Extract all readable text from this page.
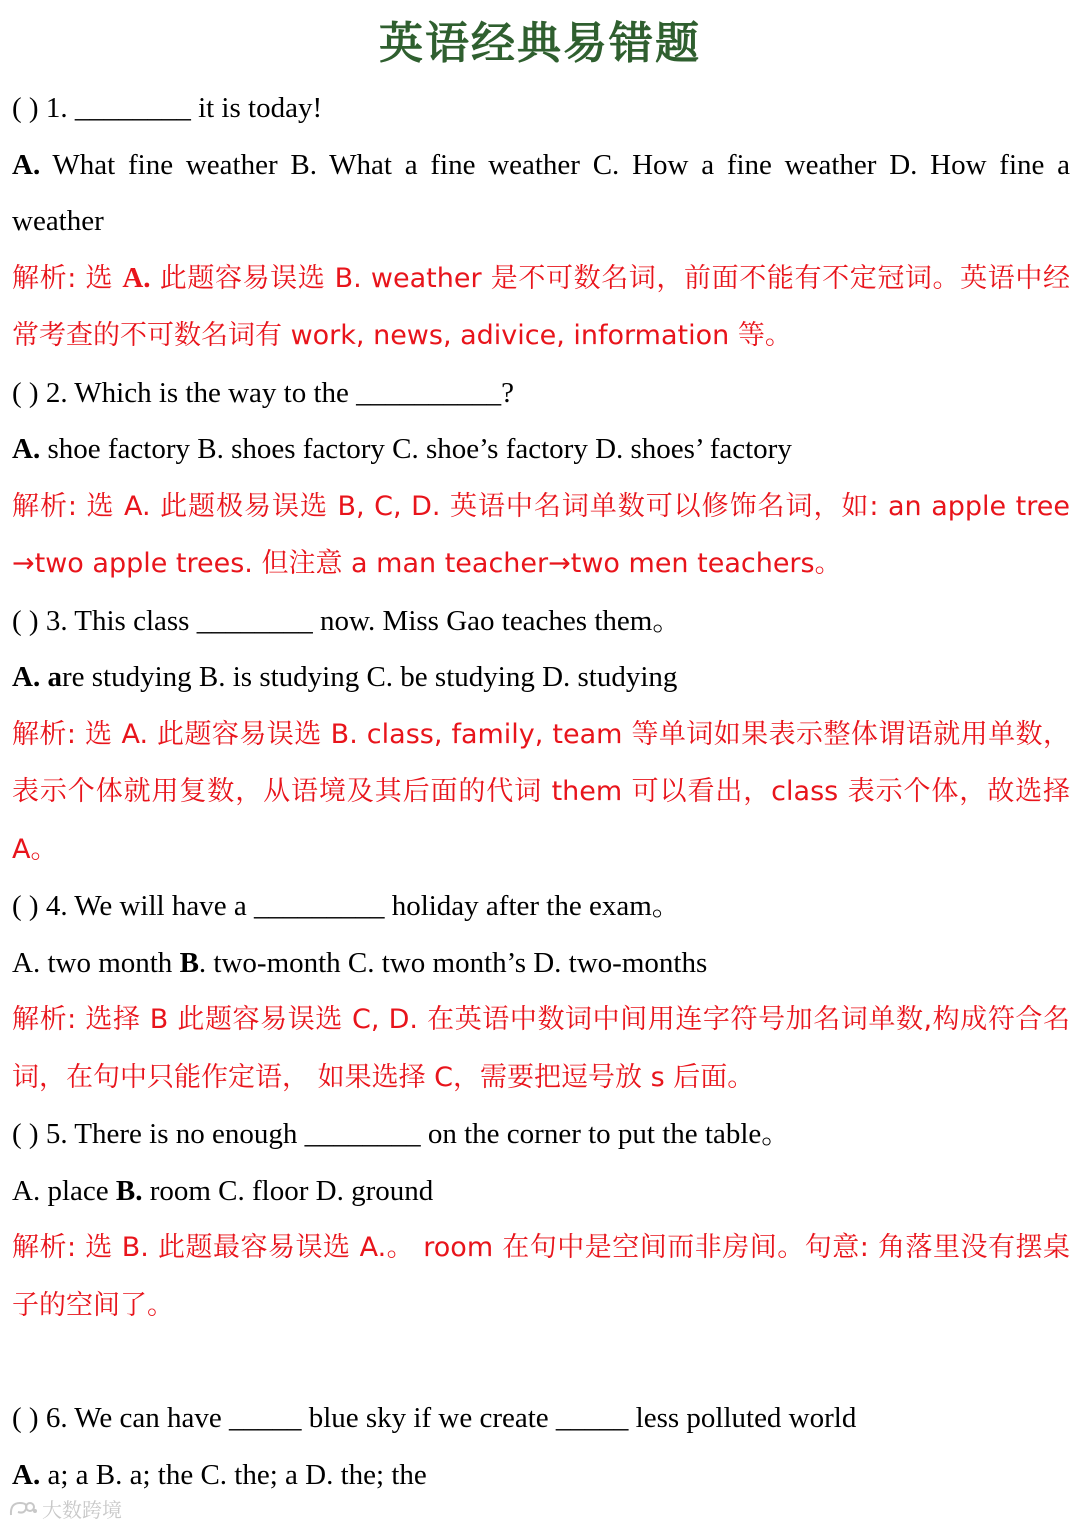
英语经典易错题
( ) 1. ________ it is today!
A. What fine weather B. What a fine weather C. How a fine weather D. How fine a weather
解析: 选 A. 此题容易误选 B. weather 是不可数名词，前面不能有不定冠词。英语中经常考查的不可数名词有 work, news, adivice, information 等。
( ) 2. Which is the way to the __________?
A. shoe factory B. shoes factory C. shoe’s factory D. shoes’ factory
解析: 选 A. 此题极易误选 B, C, D. 英语中名词单数可以修饰名词，如: an apple tree →two apple trees. 但注意 a man teacher→two men teachers。
( ) 3. This class ________ now. Miss Gao teaches them。
A. are studying B. is studying C. be studying D. studying
解析: 选 A. 此题容易误选 B. class, family, team 等单词如果表示整体谓语就用单数，表示个体就用复数，从语境及其后面的代词 them 可以看出，class 表示个体，故选择 A。
( ) 4. We will have a _________ holiday after the exam。
A. two month B. two-month C. two month’s D. two-months
解析: 选择 B 此题容易误选 C, D. 在英语中数词中间用连字符号加名词单数,构成符合名词，在句中只能作定语， 如果选择 C，需要把逗号放 s 后面。
( ) 5. There is no enough ________ on the corner to put the table。
A. place B. room C. floor D. ground
解析: 选 B. 此题最容易误选 A.。 room 在句中是空间而非房间。句意: 角落里没有摆桌子的空间了。
( ) 6. We can have _____ blue sky if we create _____ less polluted world
A. a; a B. a; the C. the; a D. the; the
大数跨境
